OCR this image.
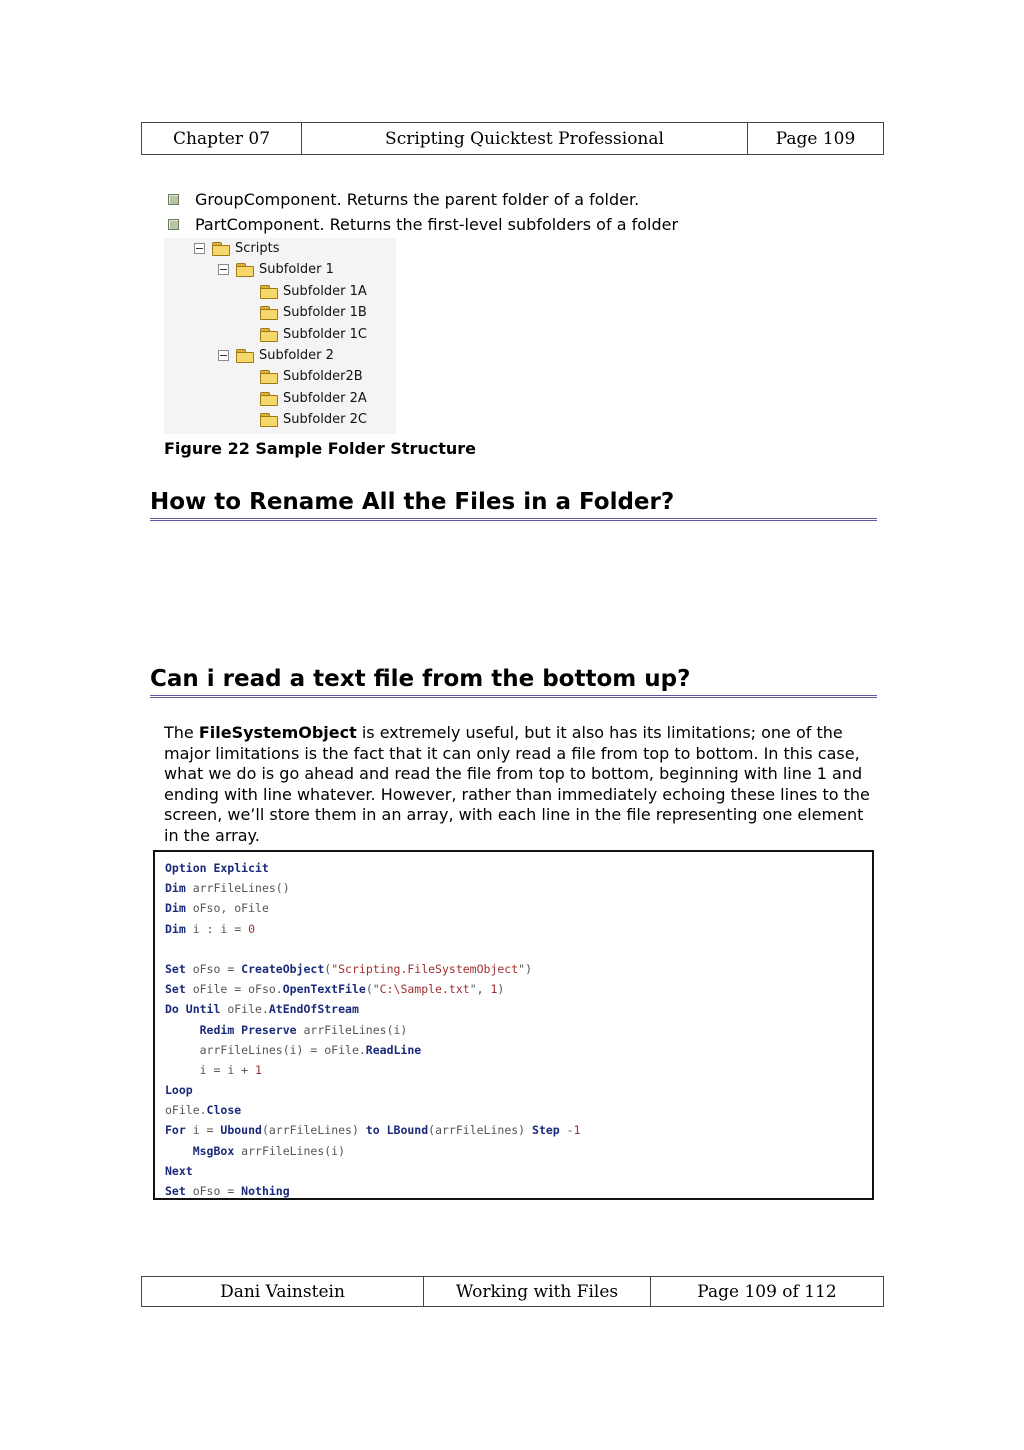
Chapter 07	Scripting Quicktest Professional	Page 109
GroupComponent. Returns the parent folder of a folder.
PartComponent. Returns the first-level subfolders of a folder
Scripts
Subfolder 1
Subfolder 1A
Subfolder 1B
Subfolder 1C
Subfolder 2
Subfolder2B
Subfolder 2A
Subfolder 2C
Figure 22 Sample Folder Structure
How to Rename All the Files in a Folder?
Can i read a text file from the bottom up?

The FileSystemObject is extremely useful, but it also has its limitations; one of the major limitations is the fact that it can only read a file from top to bottom. In this case, what we do is go ahead and read the file from top to bottom, beginning with line 1 and ending with line whatever. However, rather than immediately echoing these lines to the screen, we’ll store them in an array, with each line in the file representing one element in the array.

Option Explicit
Dim arrFileLines()
Dim oFso, oFile
Dim i : i = 0
Set oFso = CreateObject("Scripting.FileSystemObject")
Set oFile = oFso.OpenTextFile("C:\Sample.txt", 1)
Do Until oFile.AtEndOfStream
Redim Preserve arrFileLines(i)
arrFileLines(i) = oFile.ReadLine
i = i + 1
Loop
oFile.Close
For i = Ubound(arrFileLines) to LBound(arrFileLines) Step -1
MsgBox arrFileLines(i)
Next
Set oFso = Nothing
Dani Vainstein	Working with Files	Page 109 of 112
